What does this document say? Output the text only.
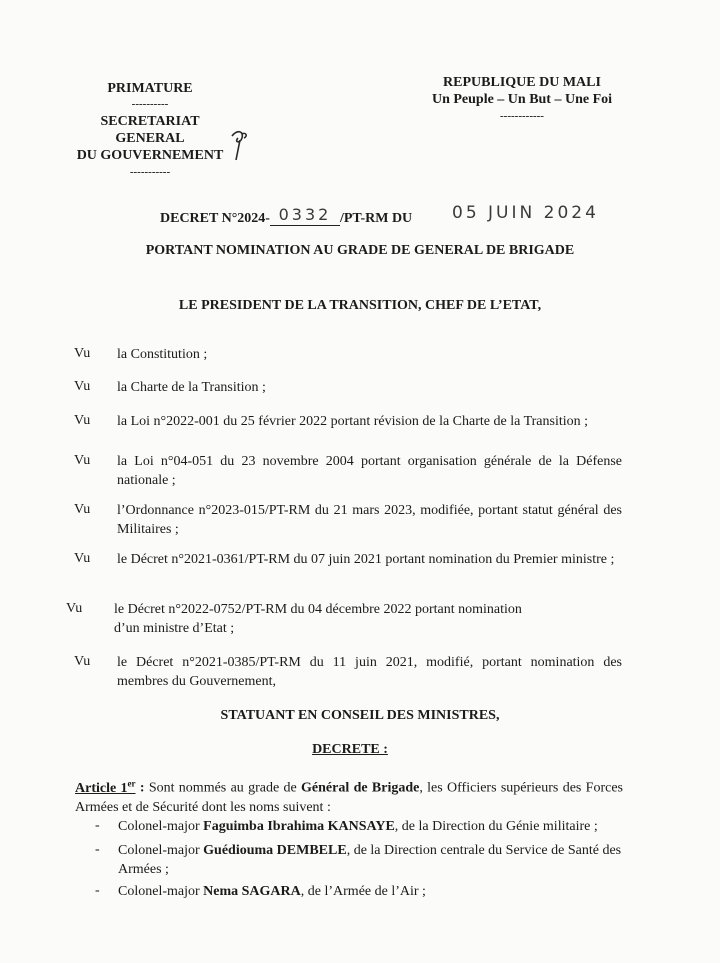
PRIMATURE
----------
SECRETARIAT GENERAL
DU GOUVERNEMENT
-----------
REPUBLIQUE DU MALI
Un Peuple – Un But – Une Foi
------------
DECRET N°2024- 0332 /PT-RM DU 05 JUIN 2024
PORTANT NOMINATION AU GRADE DE GENERAL DE BRIGADE
LE PRESIDENT DE LA TRANSITION, CHEF DE L’ETAT,
Vu la Constitution ;
Vu la Charte de la Transition ;
Vu la Loi n°2022-001 du 25 février 2022 portant révision de la Charte de la Transition ;
Vu la Loi n°04-051 du 23 novembre 2004 portant organisation générale de la Défense nationale ;
Vu l’Ordonnance n°2023-015/PT-RM du 21 mars 2023, modifiée, portant statut général des Militaires ;
Vu le Décret n°2021-0361/PT-RM du 07 juin 2021 portant nomination du Premier ministre ;
Vu le Décret n°2022-0752/PT-RM du 04 décembre 2022 portant nomination d’un ministre d’Etat ;
Vu le Décret n°2021-0385/PT-RM du 11 juin 2021, modifié, portant nomination des membres du Gouvernement,
STATUANT EN CONSEIL DES MINISTRES,
DECRETE :
Article 1er : Sont nommés au grade de Général de Brigade, les Officiers supérieurs des Forces Armées et de Sécurité dont les noms suivent :
- Colonel-major Faguimba Ibrahima KANSAYE, de la Direction du Génie militaire ;
- Colonel-major Guédiouma DEMBELE, de la Direction centrale du Service de Santé des Armées ;
- Colonel-major Nema SAGARA, de l’Armée de l’Air ;
